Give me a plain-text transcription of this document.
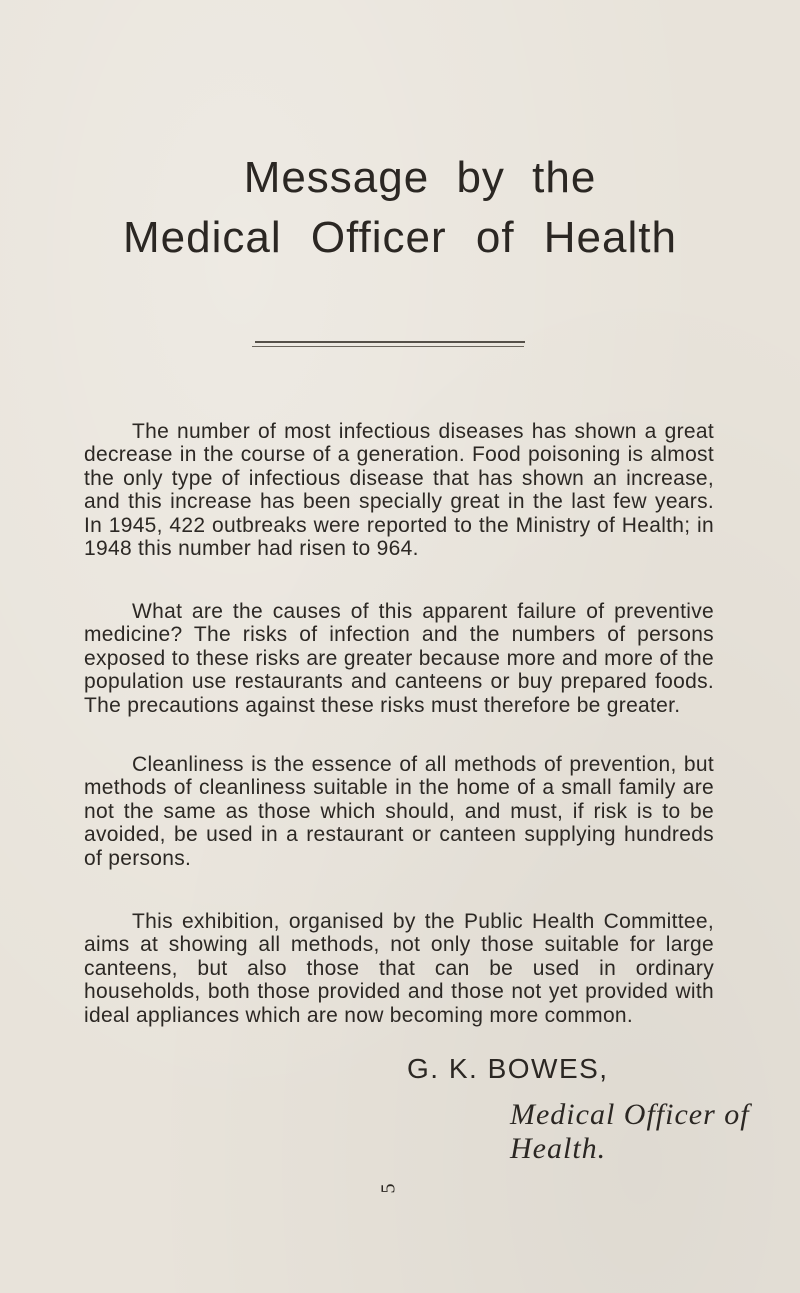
Message by the
Medical Officer of Health

The number of most infectious diseases has shown a great decrease in the course of a generation. Food poisoning is almost the only type of infectious disease that has shown an increase, and this increase has been specially great in the last few years. In 1945, 422 outbreaks were reported to the Ministry of Health; in 1948 this number had risen to 964.

What are the causes of this apparent failure of preventive medicine? The risks of infection and the numbers of persons exposed to these risks are greater because more and more of the population use restaurants and canteens or buy prepared foods. The precautions against these risks must therefore be greater.

Cleanliness is the essence of all methods of prevention, but methods of cleanliness suitable in the home of a small family are not the same as those which should, and must, if risk is to be avoided, be used in a restaurant or canteen supplying hundreds of persons.

This exhibition, organised by the Public Health Committee, aims at showing all methods, not only those suitable for large canteens, but also those that can be used in ordinary households, both those provided and those not yet provided with ideal appliances which are now becoming more common.

G. K. BOWES,

Medical Officer of Health.

5
